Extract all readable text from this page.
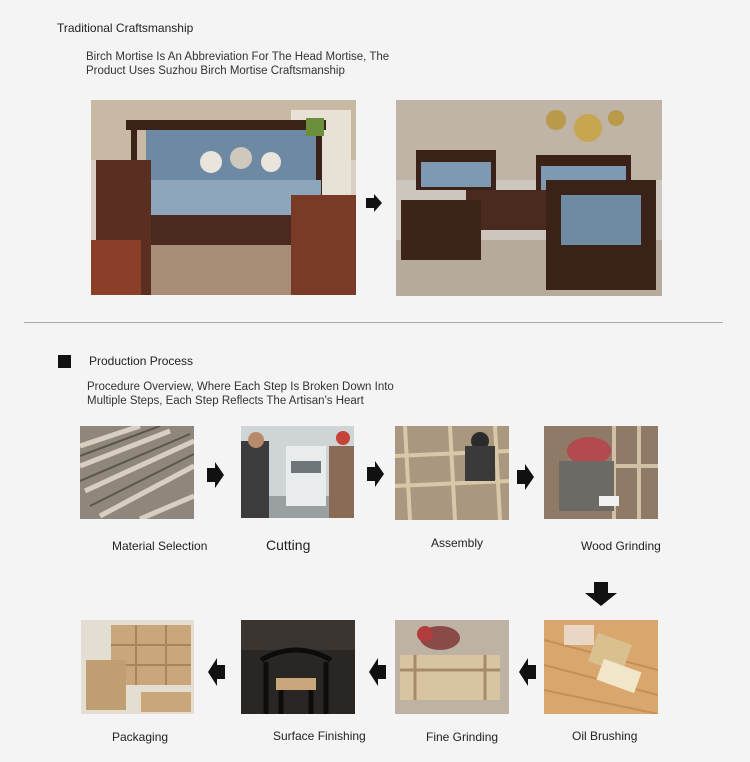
Traditional Craftsmanship
Birch Mortise Is An Abbreviation For The Head Mortise, The
Product Uses Suzhou Birch Mortise Craftsmanship
Production Process
Procedure Overview, Where Each Step Is Broken Down Into
Multiple Steps, Each Step Reflects The Artisan's Heart
Material Selection	Cutting	Assembly	Wood Grinding
Packaging	Surface Finishing	Fine Grinding	Oil Brushing
